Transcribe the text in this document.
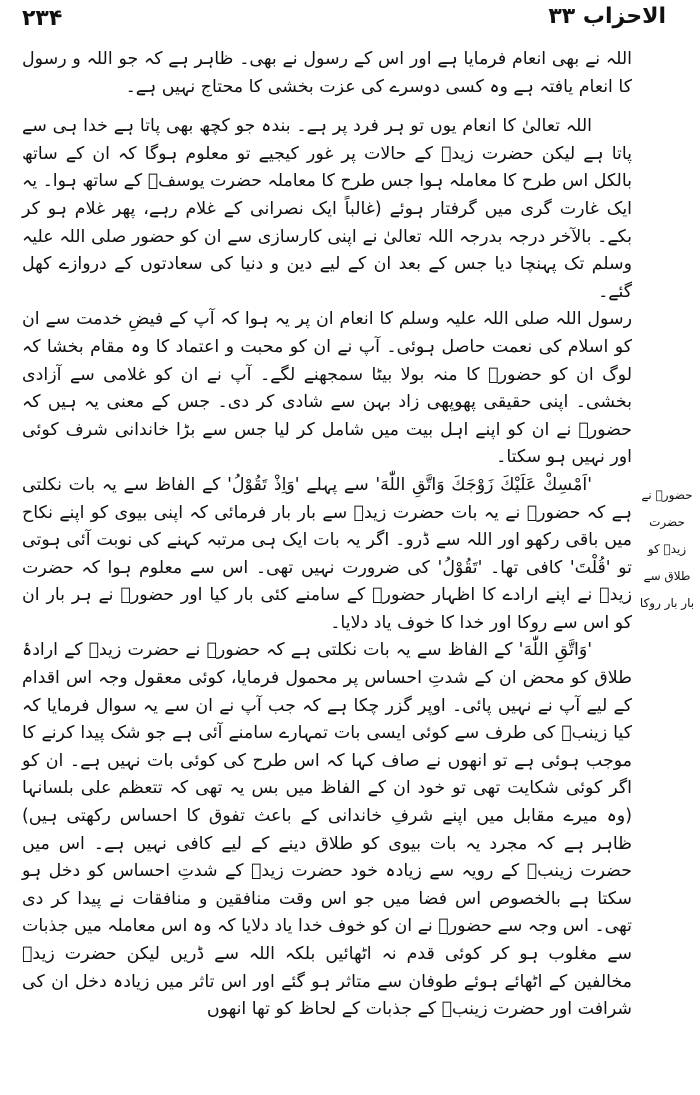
۲۳۴	الاحزاب ۳۳

اللہ نے بھی انعام فرمایا ہے اور اس کے رسول نے بھی۔ ظاہر ہے کہ جو اللہ و رسول کا انعام یافتہ ہے وہ کسی دوسرے کی عزت بخشی کا محتاج نہیں ہے۔

اللہ تعالیٰ کا انعام یوں تو ہر فرد پر ہے۔ بندہ جو کچھ بھی پاتا ہے خدا ہی سے پاتا ہے لیکن حضرت زیدؓ کے حالات پر غور کیجیے تو معلوم ہوگا کہ ان کے ساتھ بالکل اس طرح کا معاملہ ہوا جس طرح کا معاملہ حضرت یوسفؑ کے ساتھ ہوا۔ یہ ایک غارت گری میں گرفتار ہوئے (غالباً ایک نصرانی کے غلام رہے، پھر غلام ہو کر بکے۔ بالآخر درجہ بدرجہ اللہ تعالیٰ نے اپنی کارسازی سے ان کو حضور صلی اللہ علیہ وسلم تک پہنچا دیا جس کے بعد ان کے لیے دین و دنیا کی سعادتوں کے دروازے کھل گئے۔

رسول اللہ صلی اللہ علیہ وسلم کا انعام ان پر یہ ہوا کہ آپ کے فیضِ خدمت سے ان کو اسلام کی نعمت حاصل ہوئی۔ آپ نے ان کو محبت و اعتماد کا وہ مقام بخشا کہ لوگ ان کو حضورؐ کا منہ بولا بیٹا سمجھنے لگے۔ آپ نے ان کو غلامی سے آزادی بخشی۔ اپنی حقیقی پھوپھی زاد بہن سے شادی کر دی۔ جس کے معنی یہ ہیں کہ حضورؐ نے ان کو اپنے اہل بیت میں شامل کر لیا جس سے بڑا خاندانی شرف کوئی اور نہیں ہو سکتا۔

'اَمْسِكْ عَلَيْكَ زَوْجَكَ وَاتَّقِ اللّٰهَ' سے پہلے 'وَاِذْ تَقُوْلُ' کے الفاظ سے یہ بات نکلتی ہے کہ حضورؐ نے یہ بات حضرت زیدؓ سے بار بار فرمائی کہ اپنی بیوی کو اپنے نکاح میں باقی رکھو اور اللہ سے ڈرو۔ اگر یہ بات ایک ہی مرتبہ کہنے کی نوبت آئی ہوتی تو 'قُلْتَ' کافی تھا۔ 'تَقُوْلُ' کی ضرورت نہیں تھی۔ اس سے معلوم ہوا کہ حضرت زیدؓ نے اپنے ارادے کا اظہار حضورؐ کے سامنے کئی بار کیا اور حضورؐ نے ہر بار ان کو اس سے روکا اور خدا کا خوف یاد دلایا۔

'وَاتَّقِ اللّٰهَ' کے الفاظ سے یہ بات نکلتی ہے کہ حضورؐ نے حضرت زیدؓ کے ارادۂ طلاق کو محض ان کے شدتِ احساس پر محمول فرمایا، کوئی معقول وجہ اس اقدام کے لیے آپ نے نہیں پائی۔ اوپر گزر چکا ہے کہ جب آپ نے ان سے یہ سوال فرمایا کہ کیا زینبؓ کی طرف سے کوئی ایسی بات تمہارے سامنے آئی ہے جو شک پیدا کرنے کا موجب ہوئی ہے تو انھوں نے صاف کہا کہ اس طرح کی کوئی بات نہیں ہے۔ ان کو اگر کوئی شکایت تھی تو خود ان کے الفاظ میں بس یہ تھی کہ تتعظم علی بلسانہا (وہ میرے مقابل میں اپنے شرفِ خاندانی کے باعث تفوق کا احساس رکھتی ہیں) ظاہر ہے کہ مجرد یہ بات بیوی کو طلاق دینے کے لیے کافی نہیں ہے۔ اس میں حضرت زینبؓ کے رویہ سے زیادہ خود حضرت زیدؓ کے شدتِ احساس کو دخل ہو سکتا ہے بالخصوص اس فضا میں جو اس وقت منافقین و منافقات نے پیدا کر دی تھی۔ اس وجہ سے حضورؐ نے ان کو خوف خدا یاد دلایا کہ وہ اس معاملہ میں جذبات سے مغلوب ہو کر کوئی قدم نہ اٹھائیں بلکہ اللہ سے ڈریں لیکن حضرت زیدؓ مخالفین کے اٹھائے ہوئے طوفان سے متاثر ہو گئے اور اس تاثر میں زیادہ دخل ان کی شرافت اور حضرت زینبؓ کے جذبات کے لحاظ کو تھا انھوں

حضورؐ نے حضرت زیدؓ کو طلاق سے بار بار روکا
